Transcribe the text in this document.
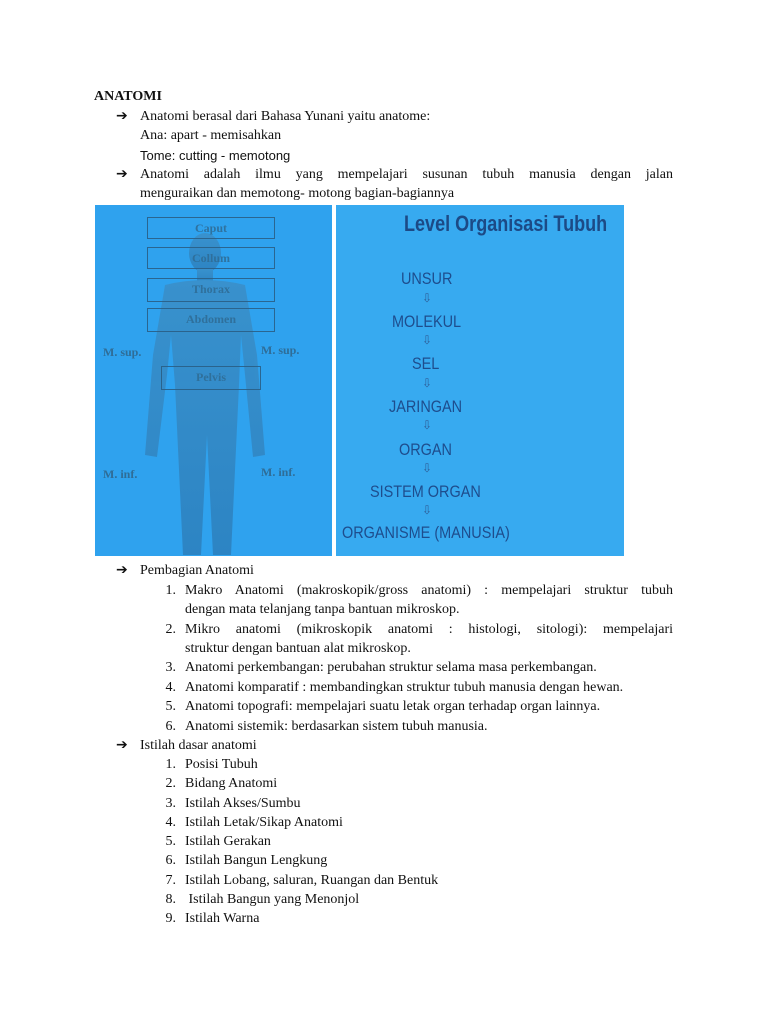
ANATOMI
➔ Anatomi berasal dari Bahasa Yunani yaitu anatome:
Ana: apart - memisahkan
Tome: cutting - memotong
➔ Anatomi adalah ilmu yang mempelajari susunan tubuh manusia dengan jalan
menguraikan dan memotong- motong bagian-bagiannya
Caput
Collum
Thorax
Abdomen
Pelvis
M. sup.	M. sup.
M. inf.	M. inf.
Level Organisasi Tubuh
UNSUR
⇩
MOLEKUL
⇩
SEL
⇩
JARINGAN
⇩
ORGAN
⇩
SISTEM ORGAN
⇩
ORGANISME (MANUSIA)
➔ Pembagian Anatomi
1. Makro Anatomi (makroskopik/gross anatomi) : mempelajari struktur tubuh
dengan mata telanjang tanpa bantuan mikroskop.
2. Mikro anatomi (mikroskopik anatomi : histologi, sitologi): mempelajari
struktur dengan bantuan alat mikroskop.
3. Anatomi perkembangan: perubahan struktur selama masa perkembangan.
4. Anatomi komparatif : membandingkan struktur tubuh manusia dengan hewan.
5. Anatomi topografi: mempelajari suatu letak organ terhadap organ lainnya.
6. Anatomi sistemik: berdasarkan sistem tubuh manusia.
➔ Istilah dasar anatomi
1. Posisi Tubuh
2. Bidang Anatomi
3. Istilah Akses/Sumbu
4. Istilah Letak/Sikap Anatomi
5. Istilah Gerakan
6. Istilah Bangun Lengkung
7. Istilah Lobang, saluran, Ruangan dan Bentuk
8. Istilah Bangun yang Menonjol
9. Istilah Warna
